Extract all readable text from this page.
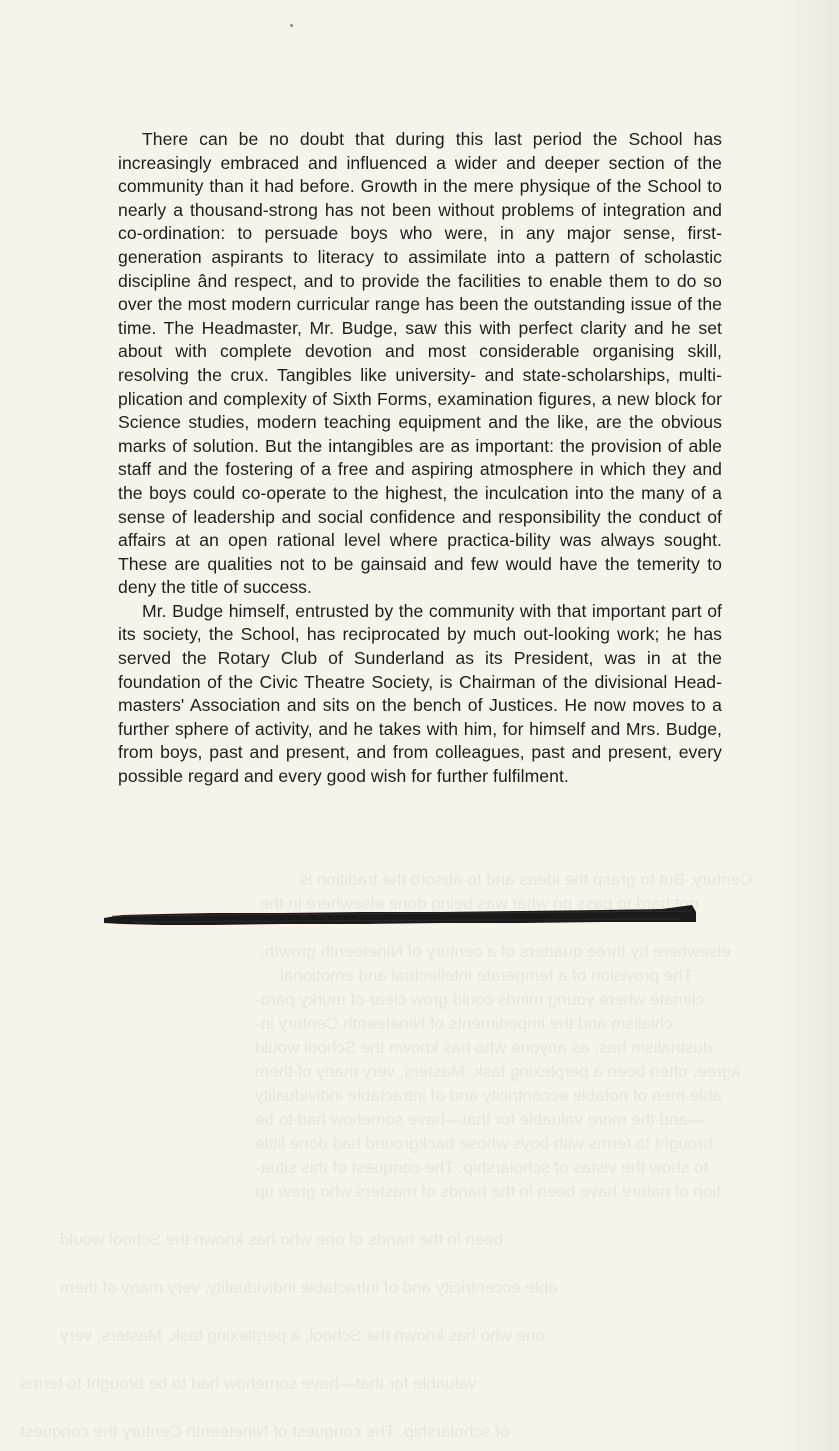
Century. But to grasp the ideas and to absorb the tradition is
not hard to pass on what was being done elsewhere in the
elsewhere by three quarters of a century of Nineteenth growth.
The provision of a temperate intellectual and emotional
climate where young minds could grow clear of murky paro-
chialism and the impediments of Nineteenth Century in-
dustrialism has, as anyone who has known the School would
agree, often been a perplexing task. Masters, very many of them
able men of notable eccentricity and of intractable individuality
—and the more valuable for that—have somehow had to be
brought to terms with boys whose background had done little
to show the vistas of scholarship. The conquest of this situa-
tion of nature have been in the hands of masters who grew up
been in the hands of one who has known the School would
able eccentricity and of intractable individuality, very many of them
one who has known the School, a perplexing task. Masters, very
valuable for that—have somehow had to be brought to terms
of scholarship. The conquest of Nineteenth Century the conquest

There can be no doubt that during this last period the School has increasingly embraced and influenced a wider and deeper section of the community than it had before. Growth in the mere physique of the School to nearly a thousand-strong has not been without problems of integration and co-ordination: to persuade boys who were, in any major sense, first-generation aspirants to literacy to assimilate into a pattern of scholastic discipline ând respect, and to provide the facilities to enable them to do so over the most modern curricular range has been the outstanding issue of the time. The Headmaster, Mr. Budge, saw this with perfect clarity and he set about with complete devotion and most considerable organising skill, resolving the crux. Tangibles like university- and state-scholarships, multi-plication and complexity of Sixth Forms, examination figures, a new block for Science studies, modern teaching equipment and the like, are the obvious marks of solution. But the intangibles are as important: the provision of able staff and the fostering of a free and aspiring atmosphere in which they and the boys could co-operate to the highest, the inculcation into the many of a sense of leadership and social confidence and responsibility the conduct of affairs at an open rational level where practica-bility was always sought. These are qualities not to be gainsaid and few would have the temerity to deny the title of success.

Mr. Budge himself, entrusted by the community with that important part of its society, the School, has reciprocated by much out-looking work; he has served the Rotary Club of Sunderland as its President, was in at the foundation of the Civic Theatre Society, is Chairman of the divisional Head-masters' Association and sits on the bench of Justices. He now moves to a further sphere of activity, and he takes with him, for himself and Mrs. Budge, from boys, past and present, and from colleagues, past and present, every possible regard and every good wish for further fulfilment.
